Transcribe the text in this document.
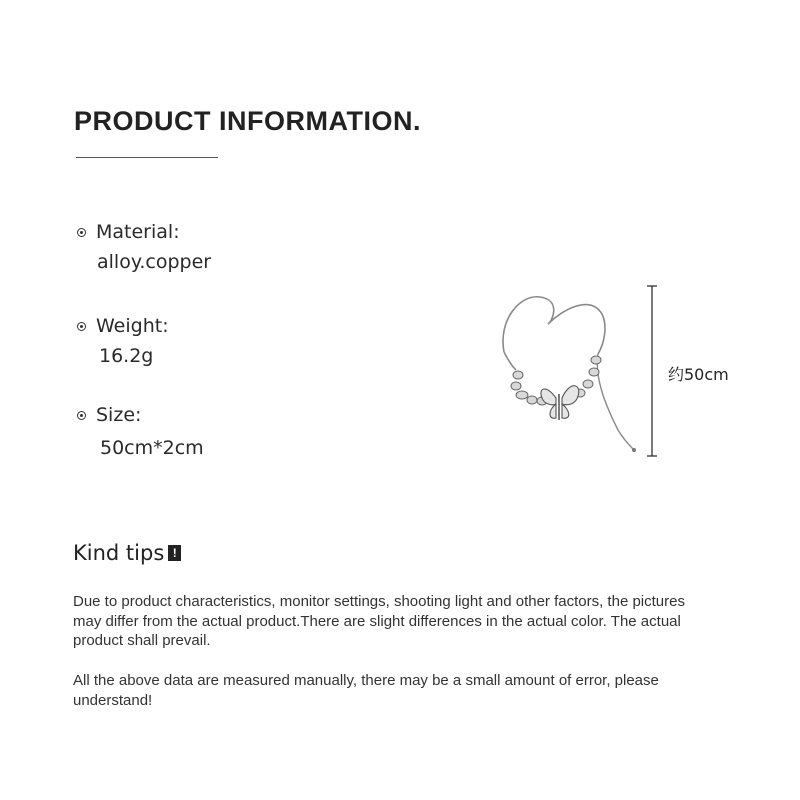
PRODUCT INFORMATION.
Material:
alloy.copper
Weight:
16.2g
Size:
50cm*2cm
约50cm
Kind tips !
Due to product characteristics, monitor settings, shooting light and other factors, the pictures may differ from the actual product.There are slight differences in the actual color. The actual product shall prevail.
All the above data are measured manually, there may be a small amount of error, please understand!
